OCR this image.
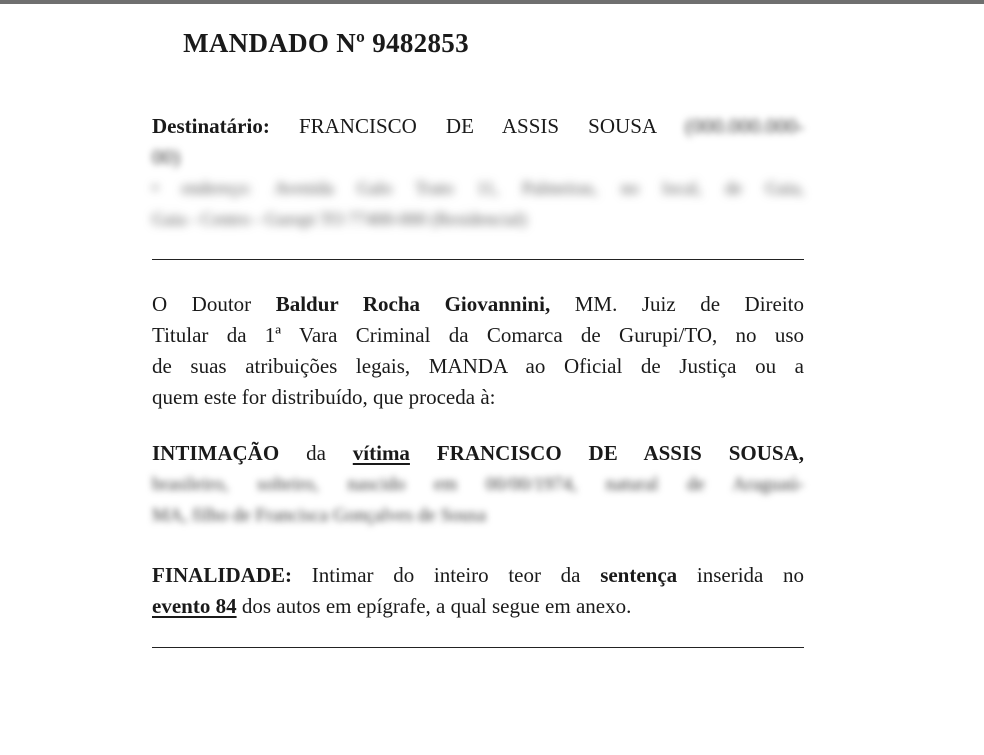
MANDADO Nº 9482853
Destinatário: FRANCISCO DE ASSIS SOUSA (000.000.000-
00)
• endereço: Avenida Galo Trato 11, Palmeiras, no local, de Gaia,
Gaia - Centro - Gurupi TO 77400-000 (Residencial)
O Doutor Baldur Rocha Giovannini, MM. Juiz de Direito
Titular da 1ª Vara Criminal da Comarca de Gurupi/TO, no uso
de suas atribuições legais, MANDA ao Oficial de Justiça ou a
quem este for distribuído, que proceda à:
INTIMAÇÃO da vítima FRANCISCO DE ASSIS SOUSA,
brasileiro, solteiro, nascido em 00/00/1974, natural de Araguaú-
MA, filho de Francisca Gonçalves de Sousa
FINALIDADE: Intimar do inteiro teor da sentença inserida no
evento 84 dos autos em epígrafe, a qual segue em anexo.
